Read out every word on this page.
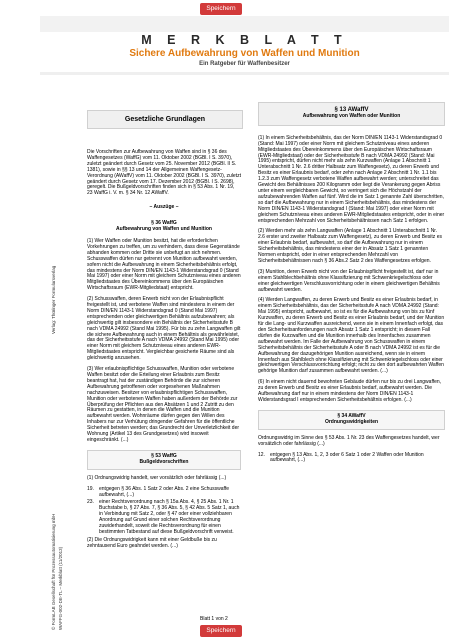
Speichern
M E R K B L A T T
Sichere Aufbewahrung von Waffen und Munition
Ein Ratgeber für Waffenbesitzer
Verlag: Thüringer Formularsverlag
© FormLAB Gesellschaft für Prozessautomatisierung mbH WAFFG-002-DE-TL – Merkblatt (11/2013)
Gesetzliche Grundlagen

Die Vorschriften zur Aufbewahrung von Waffen sind in § 36 des Waffengesetzes (WaffG) vom 11. Oktober 2002 (BGBl. I S. 3970), zuletzt geändert durch Gesetz vom 25. November 2012 (BGBl. II S. 1381), sowie in §§ 13 und 14 der Allgemeinen Waffengesetz-Verordnung (AWaffV) vom 11. Oktober 2002 (BGBl. I S. 3970), zuletzt geändert durch Gesetz vom 17. Dezember 2012 (BGBl. I S. 2698), geregelt. Die Bußgeldvorschriften finden sich in § 53 Abs. 1 Nr. 19, 23 WaffG i. V. m. § 34 Nr. 12 AWaffV.

– Auszüge –
§ 36 WaffG
Aufbewahrung von Waffen und Munition

(1) Wer Waffen oder Munition besitzt, hat die erforderlichen Vorkehrungen zu treffen, um zu verhindern, dass diese Gegenstände abhanden kommen oder Dritte sie unbefugt an sich nehmen. Schusswaffen dürfen nur getrennt von Munition aufbewahrt werden, sofern nicht die Aufbewahrung in einem Sicherheitsbehältnis erfolgt, das mindestens der Norm DIN/EN 1143-1 Widerstandsgrad 0 (Stand Mai 1997) oder einer Norm mit gleichem Schutzniveau eines anderen Mitgliedstaates des Übereinkommens über den Europäischen Wirtschaftsraum (EWR-Mitgliedstaat) entspricht.

(2) Schusswaffen, deren Erwerb nicht von der Erlaubnispflicht freigestellt ist, und verbotene Waffen sind mindestens in einem der Norm DIN/EN 1143-1 Widerstandsgrad 0 (Stand Mai 1997) entsprechenden oder gleichwertigen Behältnis aufzubewahren; als gleichwertig gilt insbesondere ein Behältnis der Sicherheitsstufe B nach VDMA 24992 (Stand Mai 1995). Für bis zu zehn Langwaffen gilt die sichere Aufbewahrung auch in einem Behältnis als gewährleistet, das der Sicherheitsstufe A nach VDMA 24992 (Stand Mai 1995) oder einer Norm mit gleichem Schutzniveau eines anderen EWR-Mitgliedstaates entspricht. Vergleichbar gesicherte Räume sind als gleichwertig anzusehen.

(3) Wer erlaubnispflichtige Schusswaffen, Munition oder verbotene Waffen besitzt oder die Erteilung einer Erlaubnis zum Besitz beantragt hat, hat der zuständigen Behörde die zur sicheren Aufbewahrung getroffenen oder vorgesehenen Maßnahmen nachzuweisen. Besitzer von erlaubnispflichtigen Schusswaffen, Munition oder verbotenen Waffen haben außerdem der Behörde zur Überprüfung der Pflichten aus den Absätzen 1 und 2 Zutritt zu den Räumen zu gestatten, in denen die Waffen und die Munition aufbewahrt werden. Wohnräume dürfen gegen den Willen des Inhabers nur zur Verhütung dringender Gefahren für die öffentliche Sicherheit betreten werden; das Grundrecht der Unverletzlichkeit der Wohnung (Artikel 13 des Grundgesetzes) wird insoweit eingeschränkt. (...)

§ 53 WaffG
Bußgeldvorschriften

(1) Ordnungswidrig handelt, wer vorsätzlich oder fahrlässig (...)

19.	entgegen § 36 Abs. 1 Satz 2 oder Abs. 2 eine Schusswaffe aufbewahrt, (...)
23.	einer Rechtsverordnung nach § 15a Abs. 4, § 25 Abs. 1 Nr. 1 Buchstabe b, § 27 Abs. 7, § 36 Abs. 5, § 42 Abs. 5 Satz 1, auch in Verbindung mit Satz 2, oder § 47 oder einer vollziehbaren Anordnung auf Grund einer solchen Rechtsverordnung zuwiderhandelt, soweit die Rechtsverordnung für einen bestimmten Tatbestand auf diese Bußgeldvorschrift verweist.

(2) Die Ordnungswidrigkeit kann mit einer Geldbuße bis zu zehntausend Euro geahndet werden. (...)

§ 13 AWaffV
Aufbewahrung von Waffen oder Munition

(1) In einem Sicherheitsbehältnis, das der Norm DIN/EN 1143-1 Widerstandsgrad 0 (Stand: Mai 1997) oder einer Norm mit gleichem Schutzniveau eines anderen Mitgliedstaates des Übereinkommens über den Europäischen Wirtschaftsraum (EWR-Mitgliedstaat) oder der Sicherheitsstufe B nach VDMA 24992 (Stand: Mai 1995) entspricht, dürfen nicht mehr als zehn Kurzwaffen (Anlage 1 Abschnitt 1 Unterabschnitt 1 Nr. 2.6 dritter Halbsatz zum Waffengesetz), zu deren Erwerb und Besitz es einer Erlaubnis bedarf, oder zehn nach Anlage 2 Abschnitt 1 Nr. 1.1 bis 1.2.3 zum Waffengesetz verbotene Waffen aufbewahrt werden; unterschreitet das Gewicht des Behältnisses 200 Kilogramm oder liegt die Verankerung gegen Abriss unter einem vergleichbaren Gewicht, so verringert sich die Höchstzahl der aufzubewahrenden Waffen auf fünf. Wird die im Satz 1 genannte Zahl überschritten, so darf die Aufbewahrung nur in einem Sicherheitsbehältnis, das mindestens der Norm DIN/EN 1143-1 Widerstandsgrad I (Stand: Mai 1997) oder einer Norm mit gleichem Schutzniveau eines anderen EWR-Mitgliedstaates entspricht, oder in einer entsprechenden Mehrzahl von Sicherheitsbehältnissen nach Satz 1 erfolgen.

(2) Werden mehr als zehn Langwaffen (Anlage 1 Abschnitt 1 Unterabschnitt 1 Nr. 2.6 erster und zweiter Halbsatz zum Waffengesetz), zu deren Erwerb und Besitz es einer Erlaubnis bedarf, aufbewahrt, so darf die Aufbewahrung nur in einem Sicherheitsbehältnis, das mindestens einer der in Absatz 1 Satz 1 genannten Normen entspricht, oder in einer entsprechenden Mehrzahl von Sicherheitsbehältnissen nach § 36 Abs.2 Satz 2 des Waffengesetzes erfolgen.

(3) Munition, deren Erwerb nicht von der Erlaubnispflicht freigestellt ist, darf nur in einem Stahlblechbehältnis ohne Klassifizierung mit Schwenkriegelschloss oder einer gleichwertigen Verschlussvorrichtung oder in einem gleichwertigen Behältnis aufbewahrt werden.

(4) Werden Langwaffen, zu deren Erwerb und Besitz es einer Erlaubnis bedarf, in einem Sicherheitsbehältnis, das der Sicherheitsstufe A nach VDMA 24992 (Stand: Mai 1995) entspricht, aufbewahrt, so ist es für die Aufbewahrung von bis zu fünf Kurzwaffen, zu deren Erwerb und Besitz es einer Erlaubnis bedarf, und der Munition für die Lang- und Kurzwaffen ausreichend, wenn sie in einem Innenfach erfolgt, das den Sicherheitsanforderungen nach Absatz 1 Satz 1 entspricht; in diesem Fall dürfen die Kurzwaffen und die Munition innerhalb des Innenfaches zusammen aufbewahrt werden. Im Falle der Aufbewahrung von Schusswaffen in einem Sicherheitsbehältnis der Sicherheitsstufe A oder B nach VDMA 24992 ist es für die Aufbewahrung der dazugehörigen Munition ausreichend, wenn sie in einem Innenfach aus Stahlblech ohne Klassifizierung mit Schwenkriegelschloss oder einer gleichwertigen Verschlussvorrichtung erfolgt; nicht zu den dort aufbewahrten Waffen gehörige Munition darf zusammen aufbewahrt werden. (...)

(6) In einem nicht dauernd bewohnten Gebäude dürfen nur bis zu drei Langwaffen, zu deren Erwerb und Besitz es einer Erlaubnis bedarf, aufbewahrt werden. Die Aufbewahrung darf nur in einem mindestens der Norm DIN/EN 1143-1 Widerstandsgrad I entsprechenden Sicherheitsbehältnis erfolgen. (...)

§ 34 AWaffV
Ordnungswidrigkeiten

Ordnungswidrig im Sinne des § 53 Abs. 1 Nr. 23 des Waffengesetzes handelt, wer vorsätzlich oder fahrlässig (...)

12.	entgegen § 13 Abs. 1, 2, 3 oder 6 Satz 1 oder 2 Waffen oder Munition aufbewahrt, (...)
Blatt 1 von 2
Speichern
